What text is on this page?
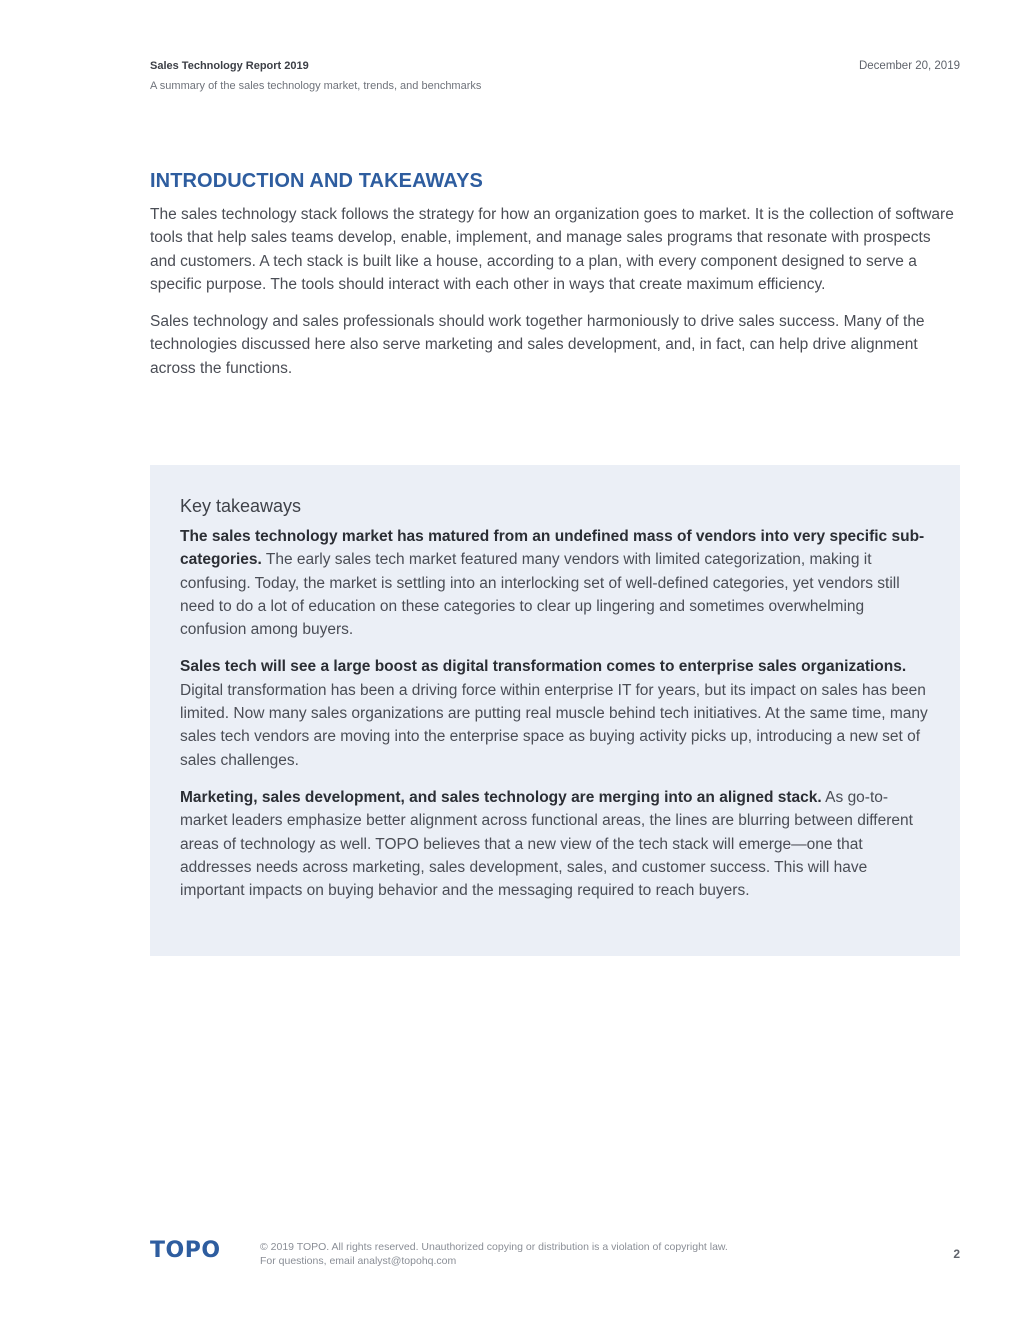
Sales Technology Report 2019
A summary of the sales technology market, trends, and benchmarks
December 20, 2019
INTRODUCTION AND TAKEAWAYS

The sales technology stack follows the strategy for how an organization goes to market. It is the collection of software tools that help sales teams develop, enable, implement, and manage sales programs that resonate with prospects and customers. A tech stack is built like a house, according to a plan, with every component designed to serve a specific purpose. The tools should interact with each other in ways that create maximum efficiency.

Sales technology and sales professionals should work together harmoniously to drive sales success. Many of the technologies discussed here also serve marketing and sales development, and, in fact, can help drive alignment across the functions.

Key takeaways

The sales technology market has matured from an undefined mass of vendors into very specific sub-categories. The early sales tech market featured many vendors with limited categorization, making it confusing. Today, the market is settling into an interlocking set of well-defined categories, yet vendors still need to do a lot of education on these categories to clear up lingering and sometimes overwhelming confusion among buyers.

Sales tech will see a large boost as digital transformation comes to enterprise sales organizations. Digital transformation has been a driving force within enterprise IT for years, but its impact on sales has been limited. Now many sales organizations are putting real muscle behind tech initiatives. At the same time, many sales tech vendors are moving into the enterprise space as buying activity picks up, introducing a new set of sales challenges.

Marketing, sales development, and sales technology are merging into an aligned stack. As go-to-market leaders emphasize better alignment across functional areas, the lines are blurring between different areas of technology as well. TOPO believes that a new view of the tech stack will emerge—one that addresses needs across marketing, sales development, sales, and customer success. This will have important impacts on buying behavior and the messaging required to reach buyers.

TOPO	© 2019 TOPO. All rights reserved. Unauthorized copying or distribution is a violation of copyright law.
For questions, email analyst@topohq.com	2
